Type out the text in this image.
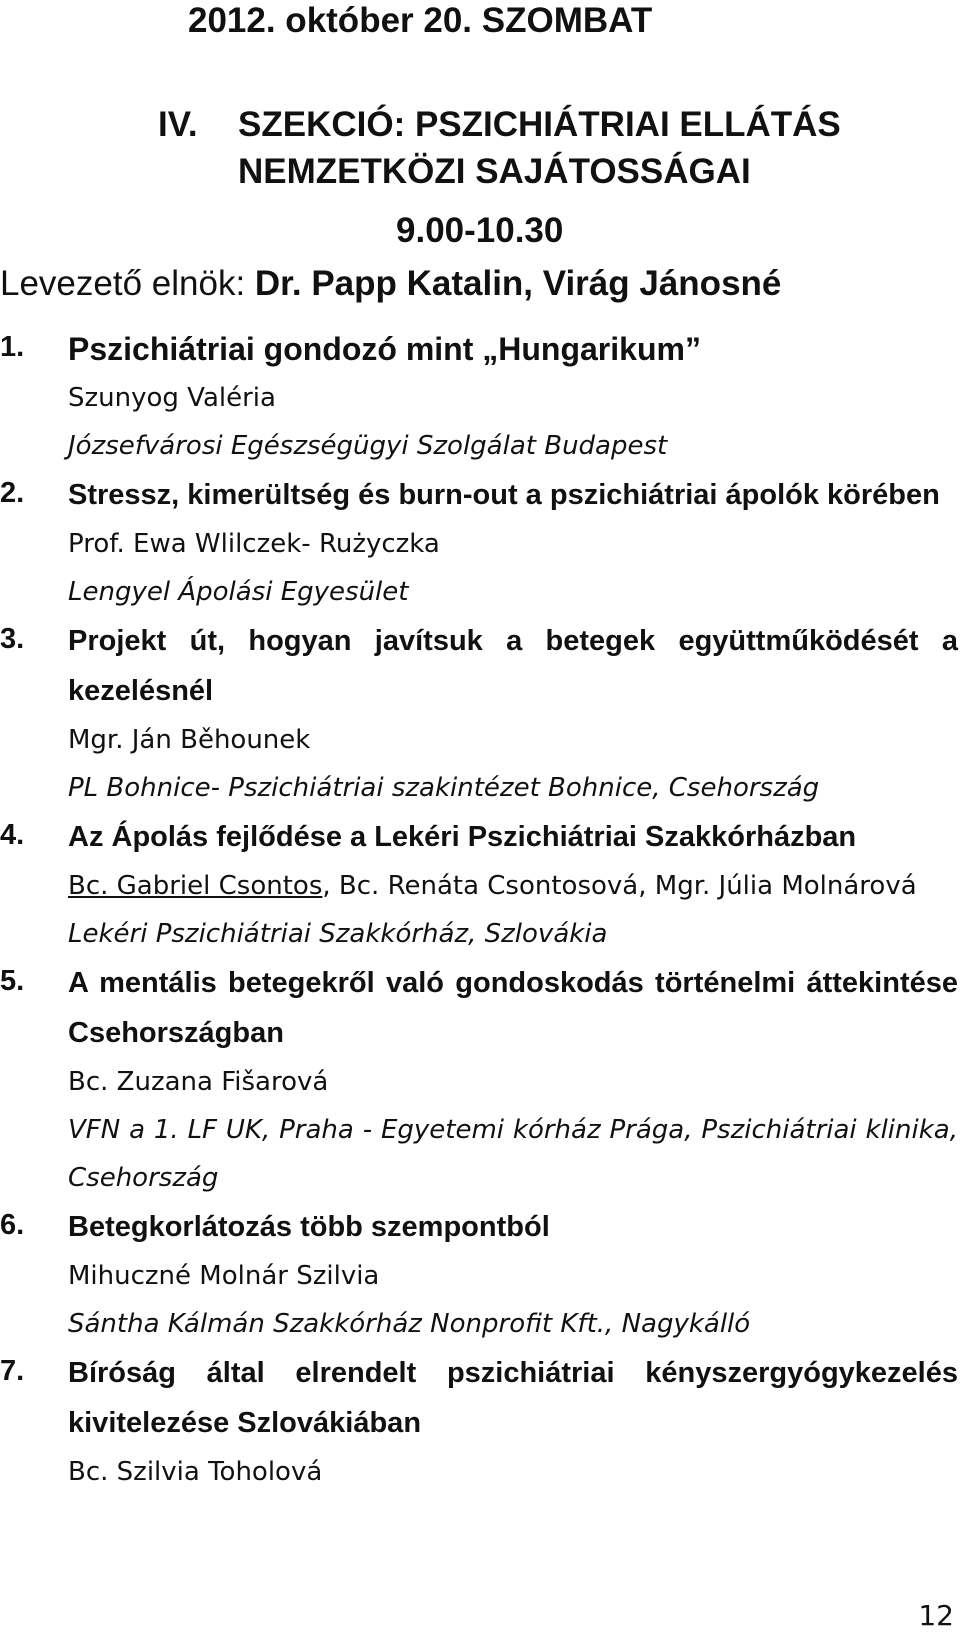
2012. október 20. SZOMBAT
IV. SZEKCIÓ: PSZICHIÁTRIAI ELLÁTÁS
NEMZETKÖZI SAJÁTOSSÁGAI
9.00-10.30
Levezető elnök: Dr. Papp Katalin, Virág Jánosné
1.	Pszichiátriai gondozó mint „Hungarikum”
Szunyog Valéria
Józsefvárosi Egészségügyi Szolgálat Budapest
2.	Stressz, kimerültség és burn-out a pszichiátriai ápolók körében
Prof. Ewa Wlilczek- Rużyczka
Lengyel Ápolási Egyesület
3.	Projekt út, hogyan javítsuk a betegek együttműködését a kezelésnél
Mgr. Ján Běhounek
PL Bohnice- Pszichiátriai szakintézet Bohnice, Csehország
4.	Az Ápolás fejlődése a Lekéri Pszichiátriai Szakkórházban
Bc. Gabriel Csontos, Bc. Renáta Csontosová, Mgr. Júlia Molnárová
Lekéri Pszichiátriai Szakkórház, Szlovákia
5.	A mentális betegekről való gondoskodás történelmi áttekintése Csehországban
Bc. Zuzana Fišarová
VFN a 1. LF UK, Praha - Egyetemi kórház Prága, Pszichiátriai klinika, Csehország
6.	Betegkorlátozás több szempontból
Mihuczné Molnár Szilvia
Sántha Kálmán Szakkórház Nonprofit Kft., Nagykálló
7.	Bíróság által elrendelt pszichiátriai kényszergyógykezelés kivitelezése Szlovákiában
Bc. Szilvia Toholová
12
